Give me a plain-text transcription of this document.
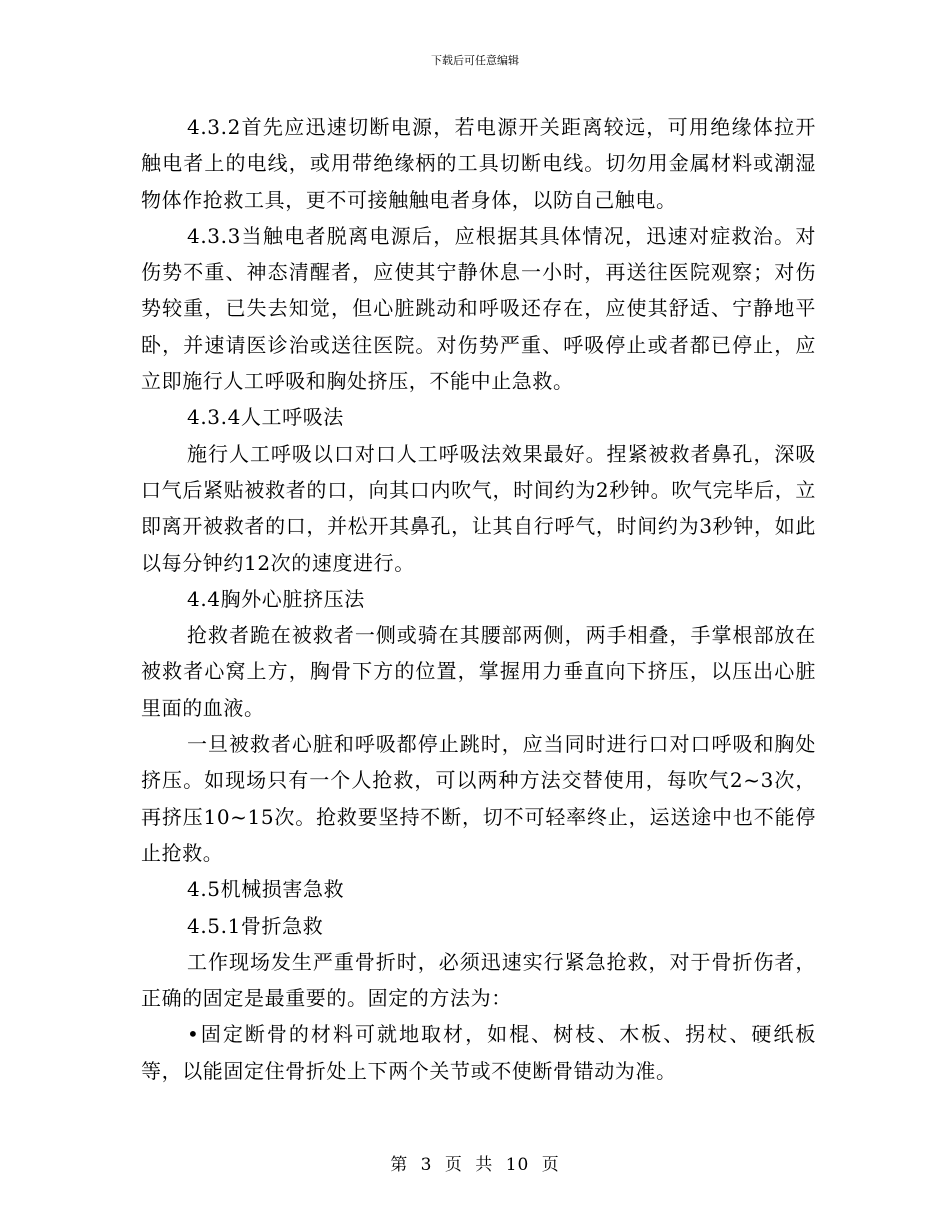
下载后可任意编辑

4.3.2首先应迅速切断电源，若电源开关距离较远，可用绝缘体拉开触电者上的电线，或用带绝缘柄的工具切断电线。切勿用金属材料或潮湿物体作抢救工具，更不可接触触电者身体，以防自己触电。

4.3.3当触电者脱离电源后，应根据其具体情况，迅速对症救治。对伤势不重、神态清醒者，应使其宁静休息一小时，再送往医院观察；对伤势较重，已失去知觉，但心脏跳动和呼吸还存在，应使其舒适、宁静地平卧，并速请医诊治或送往医院。对伤势严重、呼吸停止或者都已停止，应立即施行人工呼吸和胸处挤压，不能中止急救。

4.3.4人工呼吸法

施行人工呼吸以口对口人工呼吸法效果最好。捏紧被救者鼻孔，深吸口气后紧贴被救者的口，向其口内吹气，时间约为2秒钟。吹气完毕后，立即离开被救者的口，并松开其鼻孔，让其自行呼气，时间约为3秒钟，如此以每分钟约12次的速度进行。

4.4胸外心脏挤压法

抢救者跪在被救者一侧或骑在其腰部两侧，两手相叠，手掌根部放在被救者心窝上方，胸骨下方的位置，掌握用力垂直向下挤压，以压出心脏里面的血液。

一旦被救者心脏和呼吸都停止跳时，应当同时进行口对口呼吸和胸处挤压。如现场只有一个人抢救，可以两种方法交替使用，每吹气2~3次，再挤压10~15次。抢救要坚持不断，切不可轻率终止，运送途中也不能停止抢救。

4.5机械损害急救

4.5.1骨折急救

工作现场发生严重骨折时，必须迅速实行紧急抢救，对于骨折伤者，正确的固定是最重要的。固定的方法为：

•固定断骨的材料可就地取材，如棍、树枝、木板、拐杖、硬纸板等，以能固定住骨折处上下两个关节或不使断骨错动为准。

第 3 页 共 10 页
